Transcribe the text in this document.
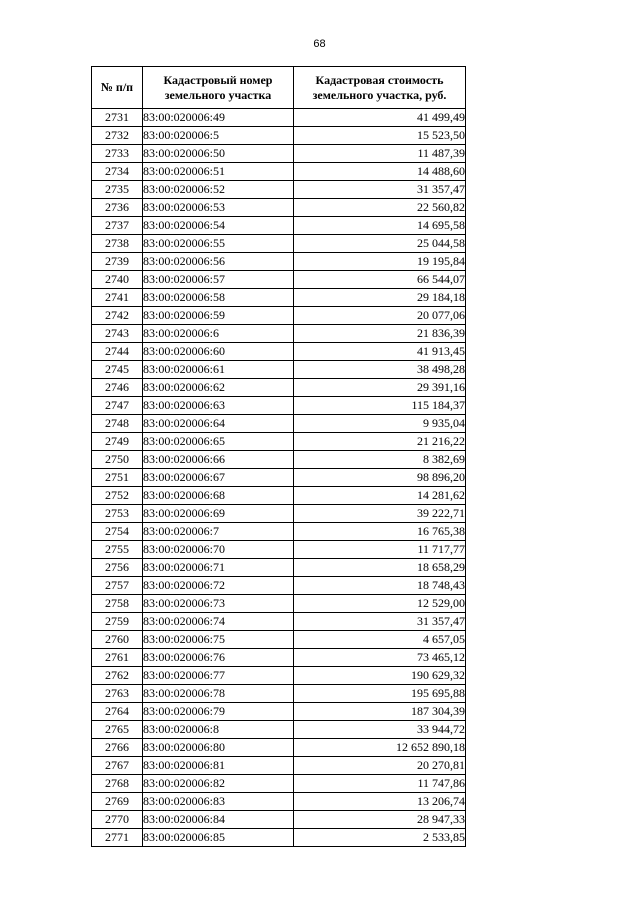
68
№ п/п	Кадастровый номер земельного участка	Кадастровая стоимость земельного участка, руб.
2731	83:00:020006:49	41 499,49
2732	83:00:020006:5	15 523,50
2733	83:00:020006:50	11 487,39
2734	83:00:020006:51	14 488,60
2735	83:00:020006:52	31 357,47
2736	83:00:020006:53	22 560,82
2737	83:00:020006:54	14 695,58
2738	83:00:020006:55	25 044,58
2739	83:00:020006:56	19 195,84
2740	83:00:020006:57	66 544,07
2741	83:00:020006:58	29 184,18
2742	83:00:020006:59	20 077,06
2743	83:00:020006:6	21 836,39
2744	83:00:020006:60	41 913,45
2745	83:00:020006:61	38 498,28
2746	83:00:020006:62	29 391,16
2747	83:00:020006:63	115 184,37
2748	83:00:020006:64	9 935,04
2749	83:00:020006:65	21 216,22
2750	83:00:020006:66	8 382,69
2751	83:00:020006:67	98 896,20
2752	83:00:020006:68	14 281,62
2753	83:00:020006:69	39 222,71
2754	83:00:020006:7	16 765,38
2755	83:00:020006:70	11 717,77
2756	83:00:020006:71	18 658,29
2757	83:00:020006:72	18 748,43
2758	83:00:020006:73	12 529,00
2759	83:00:020006:74	31 357,47
2760	83:00:020006:75	4 657,05
2761	83:00:020006:76	73 465,12
2762	83:00:020006:77	190 629,32
2763	83:00:020006:78	195 695,88
2764	83:00:020006:79	187 304,39
2765	83:00:020006:8	33 944,72
2766	83:00:020006:80	12 652 890,18
2767	83:00:020006:81	20 270,81
2768	83:00:020006:82	11 747,86
2769	83:00:020006:83	13 206,74
2770	83:00:020006:84	28 947,33
2771	83:00:020006:85	2 533,85
